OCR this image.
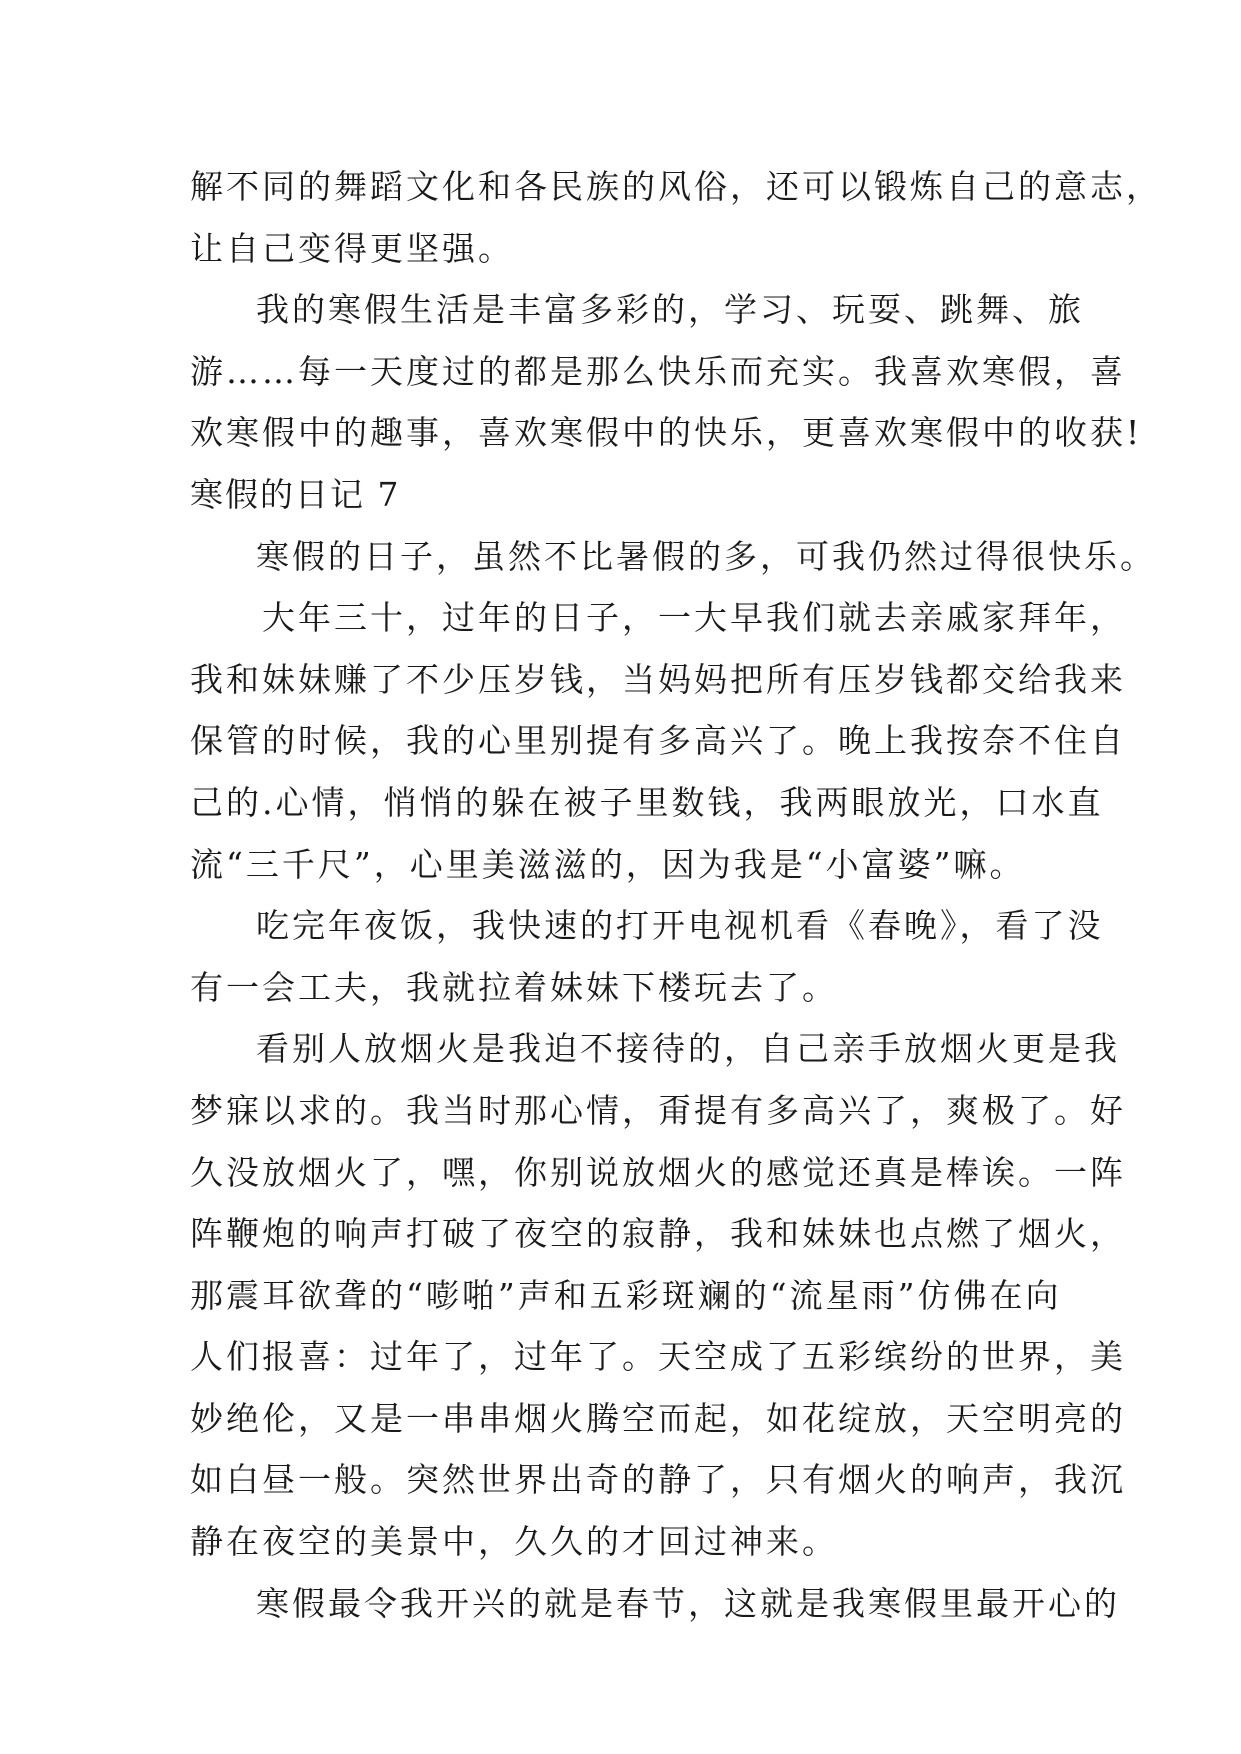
解不同的舞蹈文化和各民族的风俗，还可以锻炼自己的意志，
让自己变得更坚强。
我的寒假生活是丰富多彩的，学习、玩耍、跳舞、旅
游……每一天度过的都是那么快乐而充实。我喜欢寒假，喜
欢寒假中的趣事，喜欢寒假中的快乐，更喜欢寒假中的收获!
寒假的日记 7
寒假的日子，虽然不比暑假的多，可我仍然过得很快乐。
大年三十，过年的日子，一大早我们就去亲戚家拜年，
我和妹妹赚了不少压岁钱，当妈妈把所有压岁钱都交给我来
保管的时候，我的心里别提有多高兴了。晚上我按奈不住自
己的.心情，悄悄的躲在被子里数钱，我两眼放光，口水直
流“三千尺”，心里美滋滋的，因为我是“小富婆”嘛。
吃完年夜饭，我快速的打开电视机看《春晚》，看了没
有一会工夫，我就拉着妹妹下楼玩去了。
看别人放烟火是我迫不接待的，自己亲手放烟火更是我
梦寐以求的。我当时那心情，甭提有多高兴了，爽极了。好
久没放烟火了，嘿，你别说放烟火的感觉还真是棒诶。一阵
阵鞭炮的响声打破了夜空的寂静，我和妹妹也点燃了烟火，
那震耳欲聋的“嘭啪”声和五彩斑斓的“流星雨”仿佛在向
人们报喜：过年了，过年了。天空成了五彩缤纷的世界，美
妙绝伦，又是一串串烟火腾空而起，如花绽放，天空明亮的
如白昼一般。突然世界出奇的静了，只有烟火的响声，我沉
静在夜空的美景中，久久的才回过神来。
寒假最令我开兴的就是春节，这就是我寒假里最开心的
